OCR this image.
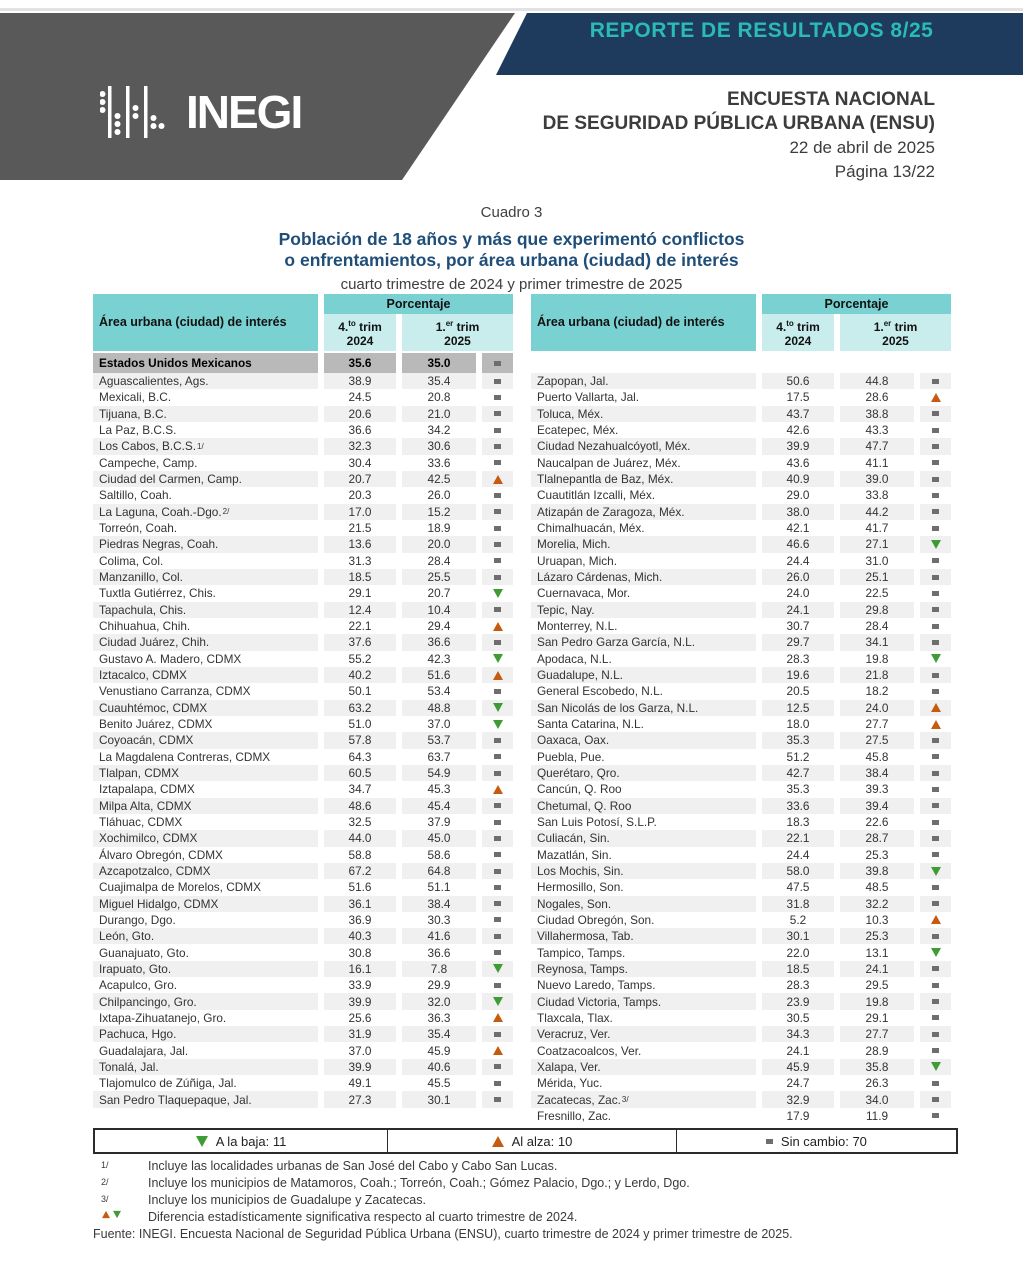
REPORTE DE RESULTADOS 8/25
INEGI	ENCUESTA NACIONAL
DE SEGURIDAD PÚBLICA URBANA (ENSU)
22 de abril de 2025
Página 13/22
Cuadro 3
Población de 18 años y más que experimentó conflictos
o enfrentamientos, por área urbana (ciudad) de interés
cuarto trimestre de 2024 y primer trimestre de 2025
Área urbana (ciudad) de interés
Porcentaje
4.$^{to}$ trim
2024
1.$^{er}$ trim
2025
Estados Unidos Mexicanos	35.6	35.0
Aguascalientes, Ags.	38.9	35.4
Mexicali, B.C.	24.5	20.8
Tijuana, B.C.	20.6	21.0
La Paz, B.C.S.	36.6	34.2
Los Cabos, B.C.S. 1/	32.3	30.6
Campeche, Camp.	30.4	33.6
Ciudad del Carmen, Camp.	20.7	42.5
Saltillo, Coah.	20.3	26.0
La Laguna, Coah.-Dgo. 2/	17.0	15.2
Torreón, Coah.	21.5	18.9
Piedras Negras, Coah.	13.6	20.0
Colima, Col.	31.3	28.4
Manzanillo, Col.	18.5	25.5
Tuxtla Gutiérrez, Chis.	29.1	20.7
Tapachula, Chis.	12.4	10.4
Chihuahua, Chih.	22.1	29.4
Ciudad Juárez, Chih.	37.6	36.6
Gustavo A. Madero, CDMX	55.2	42.3
Iztacalco, CDMX	40.2	51.6
Venustiano Carranza, CDMX	50.1	53.4
Cuauhtémoc, CDMX	63.2	48.8
Benito Juárez, CDMX	51.0	37.0
Coyoacán, CDMX	57.8	53.7
La Magdalena Contreras, CDMX	64.3	63.7
Tlalpan, CDMX	60.5	54.9
Iztapalapa, CDMX	34.7	45.3
Milpa Alta, CDMX	48.6	45.4
Tláhuac, CDMX	32.5	37.9
Xochimilco, CDMX	44.0	45.0
Álvaro Obregón, CDMX	58.8	58.6
Azcapotzalco, CDMX	67.2	64.8
Cuajimalpa de Morelos, CDMX	51.6	51.1
Miguel Hidalgo, CDMX	36.1	38.4
Durango, Dgo.	36.9	30.3
León, Gto.	40.3	41.6
Guanajuato, Gto.	30.8	36.6
Irapuato, Gto.	16.1	7.8
Acapulco, Gro.	33.9	29.9
Chilpancingo, Gro.	39.9	32.0
Ixtapa-Zihuatanejo, Gro.	25.6	36.3
Pachuca, Hgo.	31.9	35.4
Guadalajara, Jal.	37.0	45.9
Tonalá, Jal.	39.9	40.6
Tlajomulco de Zúñiga, Jal.	49.1	45.5
San Pedro Tlaquepaque, Jal.	27.3	30.1
Área urbana (ciudad) de interés
Porcentaje
4.$^{to}$ trim
2024
1.$^{er}$ trim
2025
Zapopan, Jal.	50.6	44.8
Puerto Vallarta, Jal.	17.5	28.6
Toluca, Méx.	43.7	38.8
Ecatepec, Méx.	42.6	43.3
Ciudad Nezahualcóyotl, Méx.	39.9	47.7
Naucalpan de Juárez, Méx.	43.6	41.1
Tlalnepantla de Baz, Méx.	40.9	39.0
Cuautitlán Izcalli, Méx.	29.0	33.8
Atizapán de Zaragoza, Méx.	38.0	44.2
Chimalhuacán, Méx.	42.1	41.7
Morelia, Mich.	46.6	27.1
Uruapan, Mich.	24.4	31.0
Lázaro Cárdenas, Mich.	26.0	25.1
Cuernavaca, Mor.	24.0	22.5
Tepic, Nay.	24.1	29.8
Monterrey, N.L.	30.7	28.4
San Pedro Garza García, N.L.	29.7	34.1
Apodaca, N.L.	28.3	19.8
Guadalupe, N.L.	19.6	21.8
General Escobedo, N.L.	20.5	18.2
San Nicolás de los Garza, N.L.	12.5	24.0
Santa Catarina, N.L.	18.0	27.7
Oaxaca, Oax.	35.3	27.5
Puebla, Pue.	51.2	45.8
Querétaro, Qro.	42.7	38.4
Cancún, Q. Roo	35.3	39.3
Chetumal, Q. Roo	33.6	39.4
San Luis Potosí, S.L.P.	18.3	22.6
Culiacán, Sin.	22.1	28.7
Mazatlán, Sin.	24.4	25.3
Los Mochis, Sin.	58.0	39.8
Hermosillo, Son.	47.5	48.5
Nogales, Son.	31.8	32.2
Ciudad Obregón, Son.	5.2	10.3
Villahermosa, Tab.	30.1	25.3
Tampico, Tamps.	22.0	13.1
Reynosa, Tamps.	18.5	24.1
Nuevo Laredo, Tamps.	28.3	29.5
Ciudad Victoria, Tamps.	23.9	19.8
Tlaxcala, Tlax.	30.5	29.1
Veracruz, Ver.	34.3	27.7
Coatzacoalcos, Ver.	24.1	28.9
Xalapa, Ver.	45.9	35.8
Mérida, Yuc.	24.7	26.3
Zacatecas, Zac. 3/	32.9	34.0
Fresnillo, Zac.	17.9	11.9
A la baja: 11	Al alza: 10	Sin cambio: 70
1/	Incluye las localidades urbanas de San José del Cabo y Cabo San Lucas.
2/	Incluye los municipios de Matamoros, Coah.; Torreón, Coah.; Gómez Palacio, Dgo.; y Lerdo, Dgo.
3/	Incluye los municipios de Guadalupe y Zacatecas.
Diferencia estadísticamente significativa respecto al cuarto trimestre de 2024.
Fuente: INEGI. Encuesta Nacional de Seguridad Pública Urbana (ENSU), cuarto trimestre de 2024 y primer trimestre de 2025.
